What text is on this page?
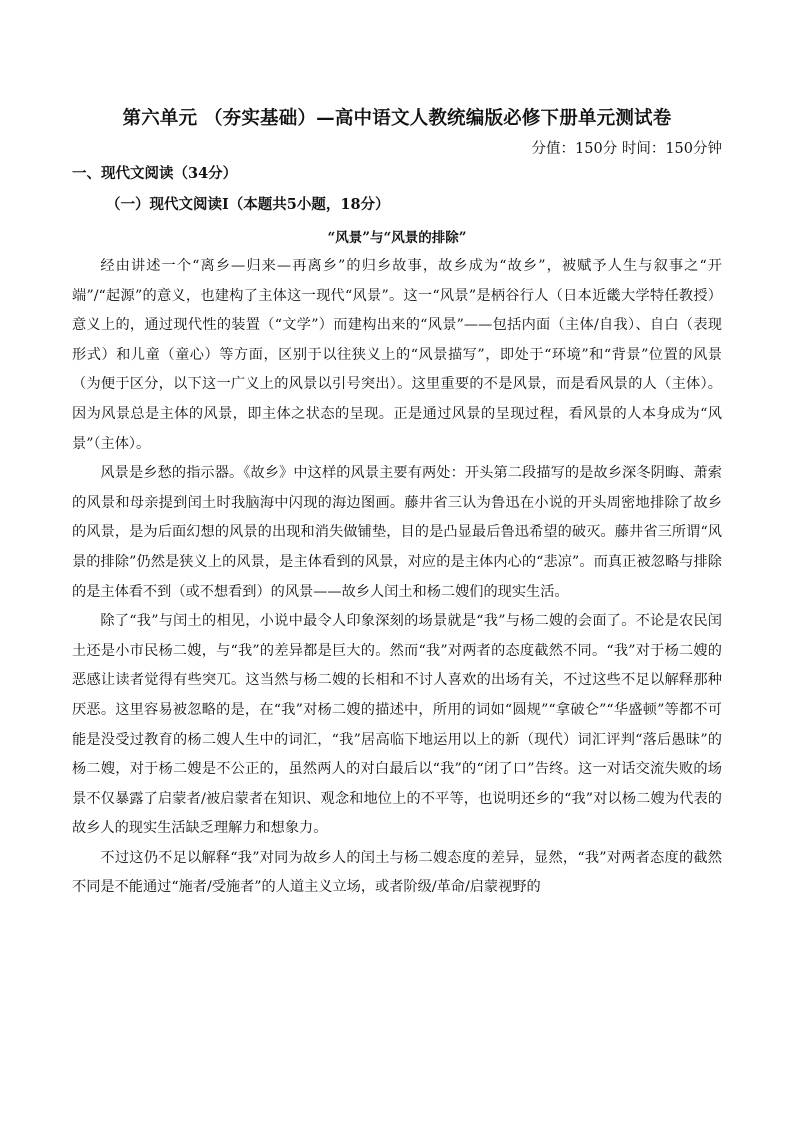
第六单元 （夯实基础）—高中语文人教统编版必修下册单元测试卷
分值：150分 时间：150分钟
一、现代文阅读（34分）
（一）现代文阅读Ⅰ（本题共5小题，18分）
“风景”与“风景的排除”

经由讲述一个“离乡—归来—再离乡”的归乡故事，故乡成为“故乡”，被赋予人生与叙事之“开端”/“起源”的意义，也建构了主体这一现代“风景”。这一“风景”是柄谷行人（日本近畿大学特任教授）意义上的，通过现代性的装置（“文学”）而建构出来的“风景”——包括内面（主体/自我）、自白（表现形式）和儿童（童心）等方面，区别于以往狭义上的“风景描写”，即处于“环境”和“背景”位置的风景（为便于区分，以下这一广义上的风景以引号突出）。这里重要的不是风景，而是看风景的人（主体）。因为风景总是主体的风景，即主体之状态的呈现。正是通过风景的呈现过程，看风景的人本身成为“风景”（主体）。

风景是乡愁的指示器。《故乡》中这样的风景主要有两处：开头第二段描写的是故乡深冬阴晦、萧索的风景和母亲提到闰土时我脑海中闪现的海边图画。藤井省三认为鲁迅在小说的开头周密地排除了故乡的风景，是为后面幻想的风景的出现和消失做铺垫，目的是凸显最后鲁迅希望的破灭。藤井省三所谓“风景的排除”仍然是狭义上的风景，是主体看到的风景，对应的是主体内心的“悲凉”。而真正被忽略与排除的是主体看不到（或不想看到）的风景——故乡人闰土和杨二嫂们的现实生活。

除了“我”与闰土的相见，小说中最令人印象深刻的场景就是“我”与杨二嫂的会面了。不论是农民闰土还是小市民杨二嫂，与“我”的差异都是巨大的。然而“我”对两者的态度截然不同。“我”对于杨二嫂的恶感让读者觉得有些突兀。这当然与杨二嫂的长相和不讨人喜欢的出场有关，不过这些不足以解释那种厌恶。这里容易被忽略的是，在“我”对杨二嫂的描述中，所用的词如“圆规”“拿破仑”“华盛顿”等都不可能是没受过教育的杨二嫂人生中的词汇，“我”居高临下地运用以上的新（现代）词汇评判“落后愚昧”的杨二嫂，对于杨二嫂是不公正的，虽然两人的对白最后以“我”的“闭了口”告终。这一对话交流失败的场景不仅暴露了启蒙者/被启蒙者在知识、观念和地位上的不平等，也说明还乡的“我”对以杨二嫂为代表的故乡人的现实生活缺乏理解力和想象力。

不过这仍不足以解释“我”对同为故乡人的闰土与杨二嫂态度的差异，显然，“我”对两者态度的截然不同是不能通过“施者/受施者”的人道主义立场，或者阶级/革命/启蒙视野的
